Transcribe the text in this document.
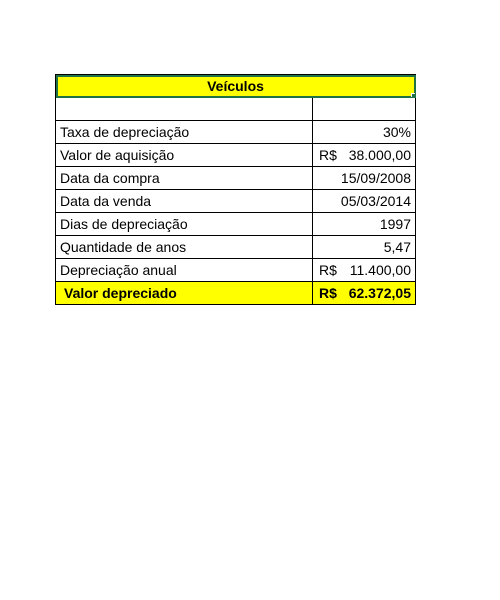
Veículos	

Taxa de depreciação	30%
Valor de aquisição	R$ 38.000,00

Data da compra	15/09/2008
Data da venda	05/03/2014
Dias de depreciação	1997
Quantidade de anos	5,47
Depreciação anual	R$ 11.400,00

Valor depreciado	R$ 62.372,05
